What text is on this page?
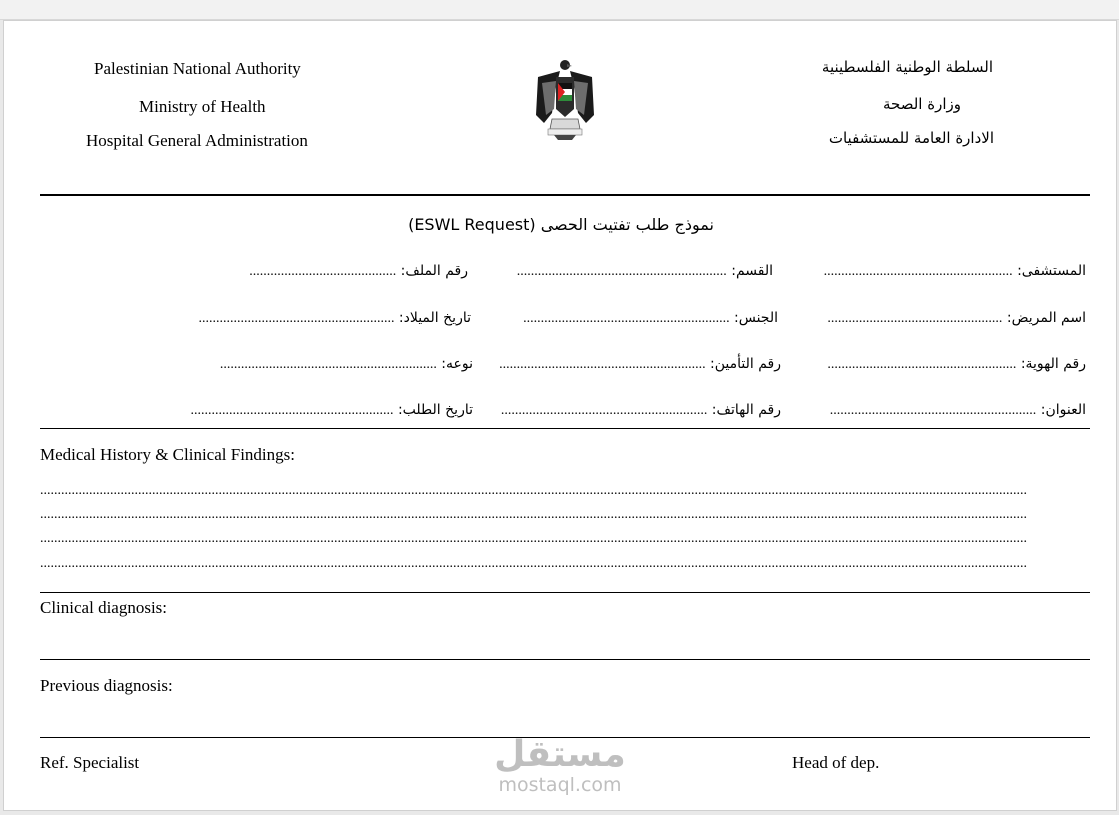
Palestinian National Authority
Ministry of Health
Hospital General Administration
السلطة الوطنية الفلسطينية
وزارة الصحة
الادارة العامة للمستشفيات
نموذج طلب تفتيت الحصى (ESWL Request)
المستشفى: ......................................................
القسم: ............................................................
رقم الملف: ..........................................
اسم المريض: ..................................................
الجنس: ...........................................................
تاريخ الميلاد: ........................................................
رقم الهوية: ......................................................
رقم التأمين: ...........................................................
نوعه: ..............................................................
العنوان: ...........................................................
رقم الهاتف: ...........................................................
تاريخ الطلب: ..........................................................
Medical History & Clinical Findings:
..........................................................................................................................................................................................................................................................................................
..........................................................................................................................................................................................................................................................................................
..........................................................................................................................................................................................................................................................................................
..........................................................................................................................................................................................................................................................................................
Clinical diagnosis:
Previous diagnosis:
Ref. Specialist	Head of dep.
مستقل
mostaql.com
